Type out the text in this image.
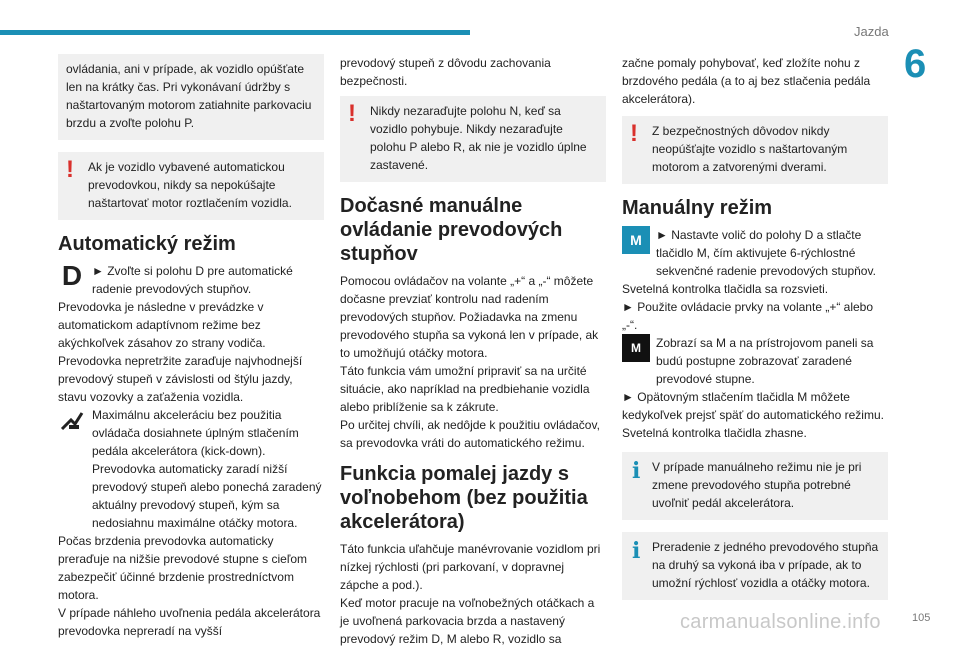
Jazda
6

ovládania, ani v prípade, ak vozidlo opúšťate len na krátky čas. Pri vykonávaní údržby s naštartovaným motorom zatiahnite parkovaciu brzdu a zvoľte polohu P.

! Ak je vozidlo vybavené automatickou prevodovkou, nikdy sa nepokúšajte naštartovať motor roztlačením vozidla.

Automatický režim
D ► Zvoľte si polohu D pre automatické radenie prevodových stupňov.

Prevodovka je následne v prevádzke v automatickom adaptívnom režime bez akýchkoľvek zásahov zo strany vodiča. Prevodovka nepretržite zaraďuje najvhodnejší prevodový stupeň v závislosti od štýlu jazdy, stavu vozovky a zaťaženia vozidla.

Maximálnu akceleráciu bez použitia ovládača dosiahnete úplným stlačením pedála akcelerátora (kick-down). Prevodovka automaticky zaradí nižší prevodový stupeň alebo ponechá zaradený aktuálny prevodový stupeň, kým sa nedosiahnu maximálne otáčky motora.

Počas brzdenia prevodovka automaticky preraďuje na nižšie prevodové stupne s cieľom zabezpečiť účinné brzdenie prostredníctvom motora.

V prípade náhleho uvoľnenia pedála akcelerátora prevodovka nepreradí na vyšší

prevodový stupeň z dôvodu zachovania bezpečnosti.

! Nikdy nezaraďujte polohu N, keď sa vozidlo pohybuje. Nikdy nezaraďujte polohu P alebo R, ak nie je vozidlo úplne zastavené.

Dočasné manuálne ovládanie prevodových stupňov

Pomocou ovládačov na volante „+“ a „-“ môžete dočasne prevziať kontrolu nad radením prevodových stupňov. Požiadavka na zmenu prevodového stupňa sa vykoná len v prípade, ak to umožňujú otáčky motora.

Táto funkcia vám umožní pripraviť sa na určité situácie, ako napríklad na predbiehanie vozidla alebo priblíženie sa k zákrute.

Po určitej chvíli, ak nedôjde k použitiu ovládačov, sa prevodovka vráti do automatického režimu.

Funkcia pomalej jazdy s voľnobehom (bez použitia akcelerátora)

Táto funkcia uľahčuje manévrovanie vozidlom pri nízkej rýchlosti (pri parkovaní, v dopravnej zápche a pod.).

Keď motor pracuje na voľnobežných otáčkach a je uvoľnená parkovacia brzda a nastavený prevodový režim D, M alebo R, vozidlo sa

začne pomaly pohybovať, keď zložíte nohu z brzdového pedála (a to aj bez stlačenia pedála akcelerátora).

! Z bezpečnostných dôvodov nikdy neopúšťajte vozidlo s naštartovaným motorom a zatvorenými dverami.

Manuálny režim
M ► Nastavte volič do polohy D a stlačte tlačidlo M, čím aktivujete 6-rýchlostné sekvenčné radenie prevodových stupňov.

Svetelná kontrolka tlačidla sa rozsvieti.

► Použite ovládacie prvky na volante „+“ alebo „-“.

M Zobrazí sa M a na prístrojovom paneli sa budú postupne zobrazovať zaradené prevodové stupne.

► Opätovným stlačením tlačidla M môžete kedykoľvek prejsť späť do automatického režimu.

Svetelná kontrolka tlačidla zhasne.

i V prípade manuálneho režimu nie je pri zmene prevodového stupňa potrebné uvoľniť pedál akcelerátora.

i Preradenie z jedného prevodového stupňa na druhý sa vykoná iba v prípade, ak to umožní rýchlosť vozidla a otáčky motora.

carmanualsonline.info	105
